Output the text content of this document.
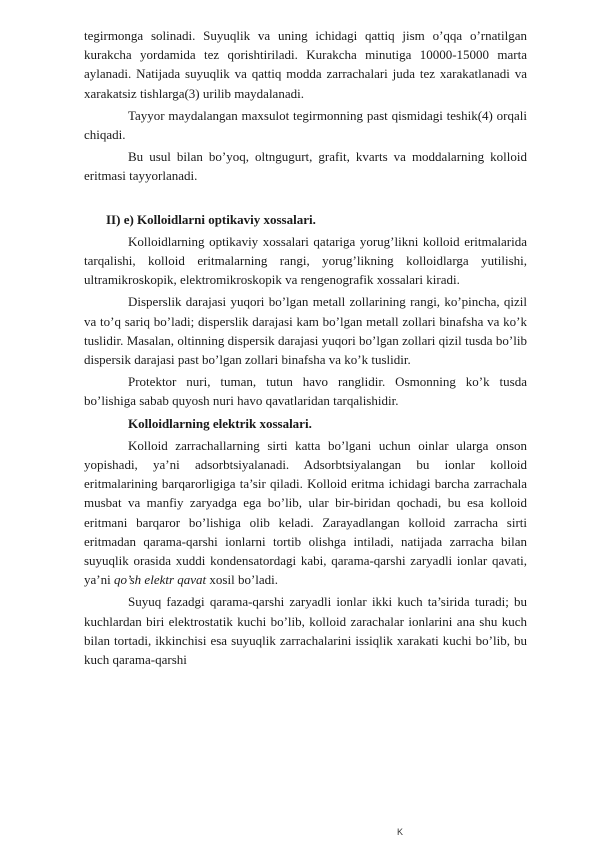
tegirmonga solinadi. Suyuqlik va uning ichidagi qattiq jism o’qqa o’rnatilgan kurakcha yordamida tez qorishtiriladi. Kurakcha minutiga 10000-15000 marta aylanadi. Natijada suyuqlik va qattiq modda zarrachalari juda tez xarakatlanadi va xarakatsiz tishlarga(3) urilib maydalanadi.

Tayyor maydalangan maxsulot tegirmonning past qismidagi teshik(4) orqali chiqadi.

Bu usul bilan bo’yoq, oltngugurt, grafit, kvarts va moddalarning kolloid eritmasi tayyorlanadi.

II) e) Kolloidlarni optikaviy xossalari.

Kolloidlarning optikaviy xossalari qatariga yorug’likni kolloid eritmalarida tarqalishi, kolloid eritmalarning rangi, yorug’likning kolloidlarga yutilishi, ultramikroskopik, elektromikroskopik va rengenografik xossalari kiradi.

Disperslik darajasi yuqori bo’lgan metall zollarining rangi, ko’pincha, qizil va to’q sariq bo’ladi; disperslik darajasi kam bo’lgan metall zollari binafsha va ko’k tuslidir. Masalan, oltinning dispersik darajasi yuqori bo’lgan zollari qizil tusda bo’lib dispersik darajasi past bo’lgan zollari binafsha va ko’k tuslidir.

Protektor nuri, tuman, tutun havo ranglidir. Osmonning ko’k tusda bo’lishiga sabab quyosh nuri havo qavatlaridan tarqalishidir.

Kolloidlarning elektrik xossalari.

Kolloid zarrachallarning sirti katta bo’lgani uchun oinlar ularga onson yopishadi, ya’ni adsorbtsiyalanadi. Adsorbtsiyalangan bu ionlar kolloid eritmalarining barqarorligiga ta’sir qiladi. Kolloid eritma ichidagi barcha zarrachala musbat va manfiy zaryadga ega bo’lib, ular bir-biridan qochadi, bu esa kolloid eritmani barqaror bo’lishiga olib keladi. Zarayadlangan kolloid zarracha sirti eritmadan qarama-qarshi ionlarni tortib olishga intiladi, natijada zarracha bilan suyuqlik orasida xuddi kondensatordagi kabi, qarama-qarshi zaryadli ionlar qavati, ya’ni qo’sh elektr qavat xosil bo’ladi.

Suyuq fazadgi qarama-qarshi zaryadli ionlar ikki kuch ta’sirida turadi; bu kuchlardan biri elektrostatik kuchi bo’lib, kolloid zarachalar ionlarini ana shu kuch bilan tortadi, ikkinchisi esa suyuqlik zarrachalarini issiqlik xarakati kuchi bo’lib, bu kuch qarama-qarshi

K
